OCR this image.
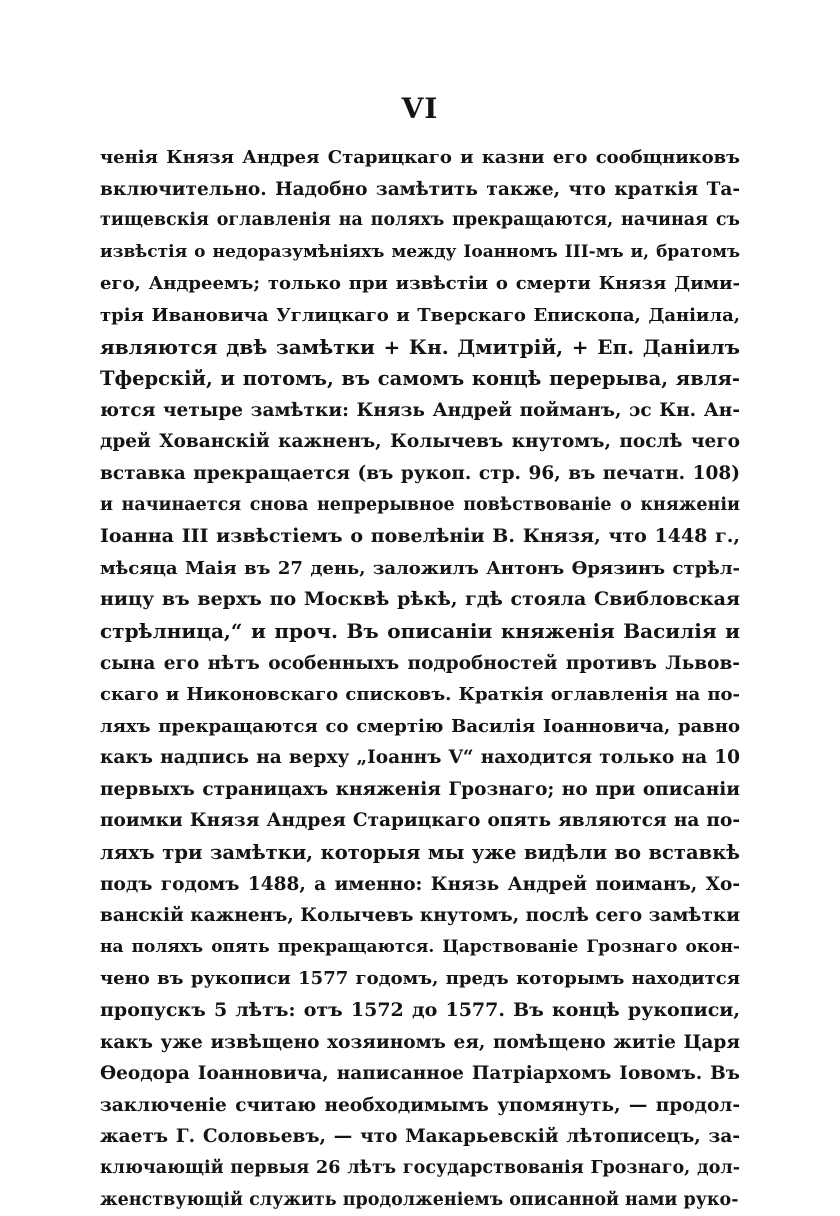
VI
ченія Князя Андрея Старицкаго и казни его сообщниковъ
включительно. Надобно замѣтить также, что краткія Та-
тищевскія оглавленія на поляхъ прекращаются, начиная съ
извѣстія о недоразумѣніяхъ между Іоанномъ III-мъ и, братомъ
его, Андреемъ; только при извѣстіи о смерти Князя Дими-
трія Ивановича Углицкаго и Тверскаго Епископа, Даніила,
являются двѣ замѣтки + Кн. Дмитрій, + Еп. Даніилъ
Тферскій, и потомъ, въ самомъ концѣ перерыва, явля-
ются четыре замѣтки: Князь Андрей пойманъ, ɔc Кн. Ан-
дрей Хованскій кажненъ, Колычевъ кнутомъ, послѣ чего
вставка прекращается (въ рукоп. стр. 96, въ печатн. 108)
и начинается снова непрерывное повѣствованіе о княженіи
Іоанна III извѣстіемъ о повелѣніи В. Князя, что 1448 г.,
мѣсяца Маія въ 27 день, заложилъ Антонъ Ѳрязинъ стрѣл-
ницу въ верхъ по Москвѣ рѣкѣ, гдѣ стояла Свибловская
стрѣлница,“ и проч. Въ описаніи княженія Василія и
сына его нѣтъ особенныхъ подробностей противъ Львов-
скаго и Никоновскаго списковъ. Краткія оглавленія на по-
ляхъ прекращаются со смертію Василія Іоанновича, равно
какъ надпись на верху „Іоаннъ V“ находится только на 10
первыхъ страницахъ княженія Грознаго; но при описаніи
поимки Князя Андрея Старицкаго опять являются на по-
ляхъ три замѣтки, которыя мы уже видѣли во вставкѣ
подъ годомъ 1488, а именно: Князь Андрей поиманъ, Хо-
ванскій кажненъ, Колычевъ кнутомъ, послѣ сего замѣтки
на поляхъ опять прекращаются. Царствованіе Грознаго окон-
чено въ рукописи 1577 годомъ, предъ которымъ находится
пропускъ 5 лѣтъ: отъ 1572 до 1577. Въ концѣ рукописи,
какъ уже извѣщено хозяиномъ ея, помѣщено житіе Царя
Ѳеодора Іоанновича, написанное Патріархомъ Іовомъ. Въ
заключеніе считаю необходимымъ упомянуть, — продол-
жаетъ Г. Соловьевъ, — что Макарьевскій лѣтописецъ, за-
ключающій первыя 26 лѣтъ государствованія Грознаго, дол-
женствующій служить продолженіемъ описанной нами руко-
